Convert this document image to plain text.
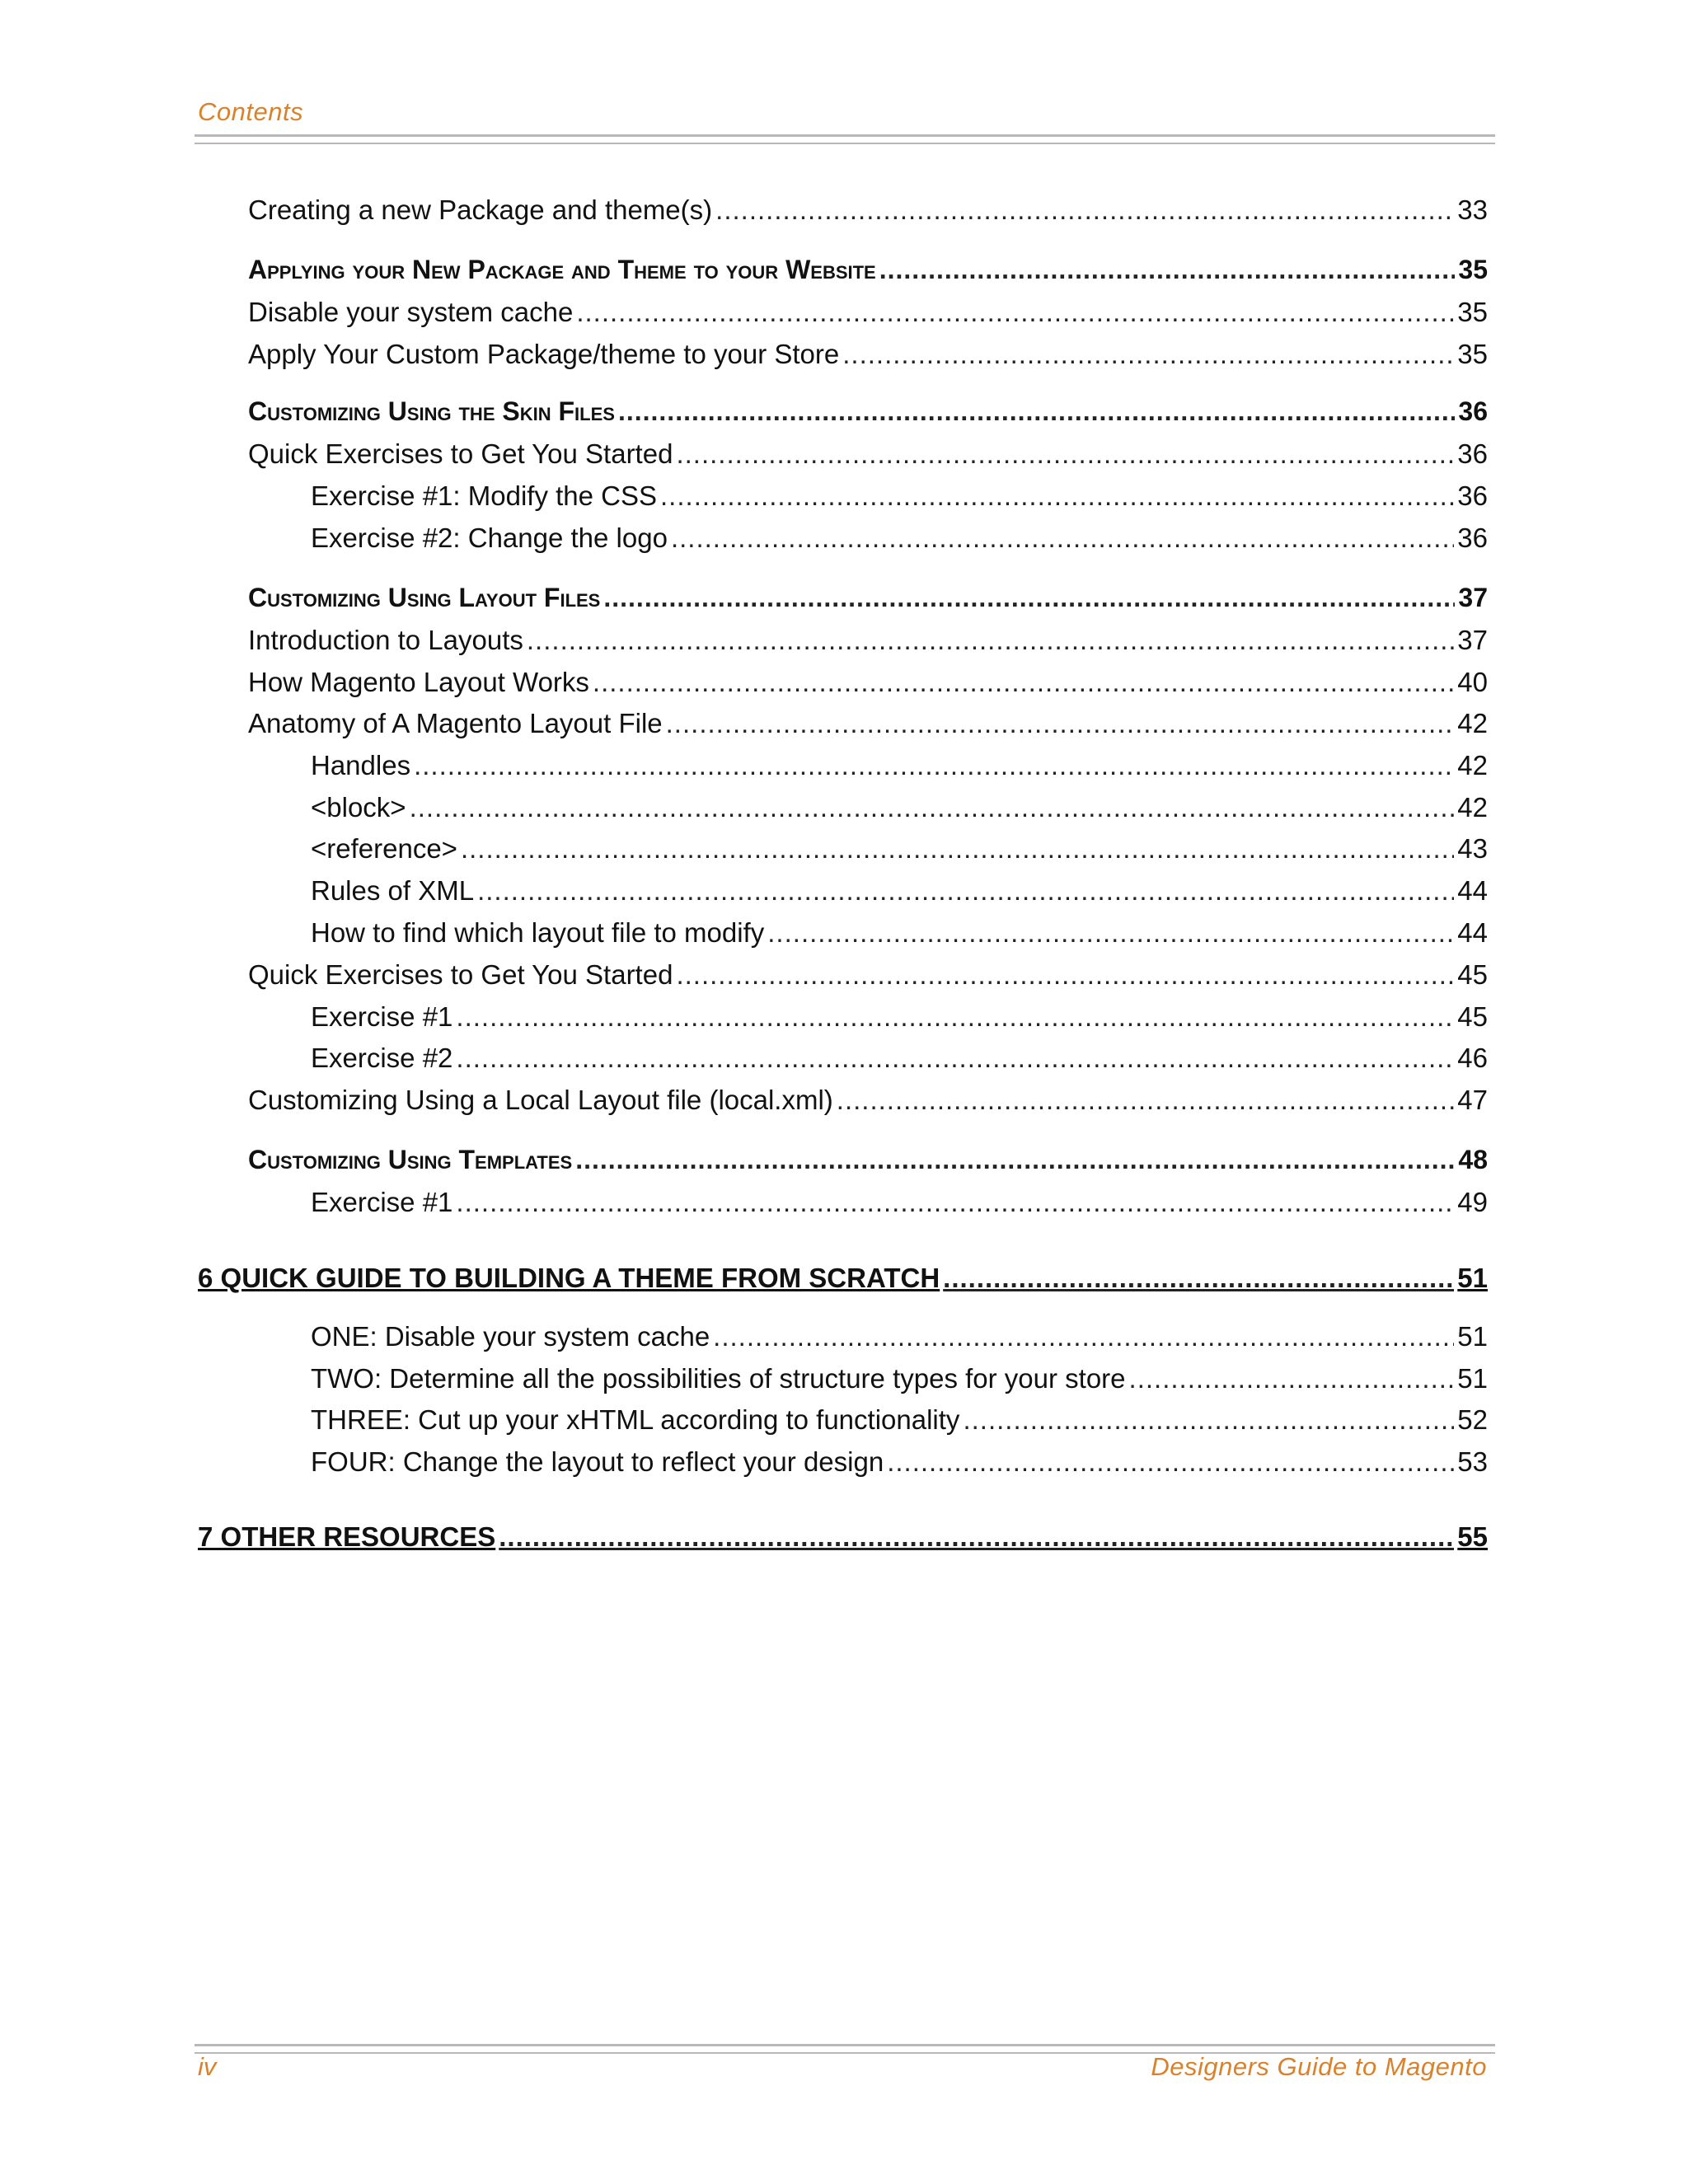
Contents
Creating a new Package and theme(s) .....	33
Applying your New Package and Theme to your Website .....	35
Disable your system cache .....	35
Apply Your Custom Package/theme to your Store .....	35
Customizing Using the Skin Files .....	36
Quick Exercises to Get You Started .....	36
Exercise #1: Modify the CSS .....	36
Exercise #2: Change the logo .....	36
Customizing Using Layout Files .....	37
Introduction to Layouts .....	37
How Magento Layout Works .....	40
Anatomy of A Magento Layout File .....	42
Handles .....	42
<block> .....	42
<reference> .....	43
Rules of XML .....	44
How to find which layout file to modify .....	44
Quick Exercises to Get You Started .....	45
Exercise #1 .....	45
Exercise #2 .....	46
Customizing Using a Local Layout file (local.xml) .....	47
Customizing Using Templates .....	48
Exercise #1 .....	49
6 QUICK GUIDE TO BUILDING A THEME FROM SCRATCH .....	51
ONE: Disable your system cache .....	51
TWO: Determine all the possibilities of structure types for your store .....	51
THREE: Cut up your xHTML according to functionality .....	52
FOUR: Change the layout to reflect your design .....	53
7 OTHER RESOURCES .....	55
iv	Designers Guide to Magento
